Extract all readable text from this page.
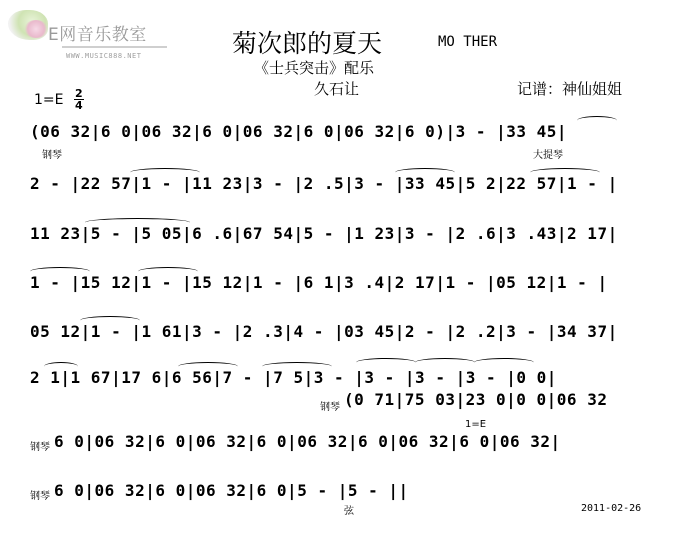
E网音乐教室
WWW.MUSIC888.NET	菊次郎的夏天	MO THER
《士兵突击》配乐
久石让	记谱：神仙姐姐
1=E 2
4
(06 32|6 0|06 32|6 0|06 32|6 0|06 32|6 0)|3 - |33 45|
钢琴	大提琴
2 - |22 57|1 - |11 23|3 - |2 .5|3 - |33 45|5 2|22 57|1 - |
11 23|5 - |5 05|6 .6|67 54|5 - |1 23|3 - |2 .6|3 .43|2 17|
1 - |15 12|1 - |15 12|1 - |6 1|3 .4|2 17|1 - |05 12|1 - |
05 12|1 - |1 61|3 - |2 .3|4 - |03 45|2 - |2 .2|3 - |34 37|
2 1|1 67|17 6|6 56|7 - |7 5|3 - |3 - |3 - |3 - |0 0|
钢琴 (0 71|75 03|23 0|0 0|06 32
钢琴 6 0|06 32|6 0|06 32|6 0|06 32|6 0|06 32|6 0|06 32|
1=E
钢琴 6 0|06 32|6 0|06 32|6 0|5 - |5 - ||
弦	2011-02-26
